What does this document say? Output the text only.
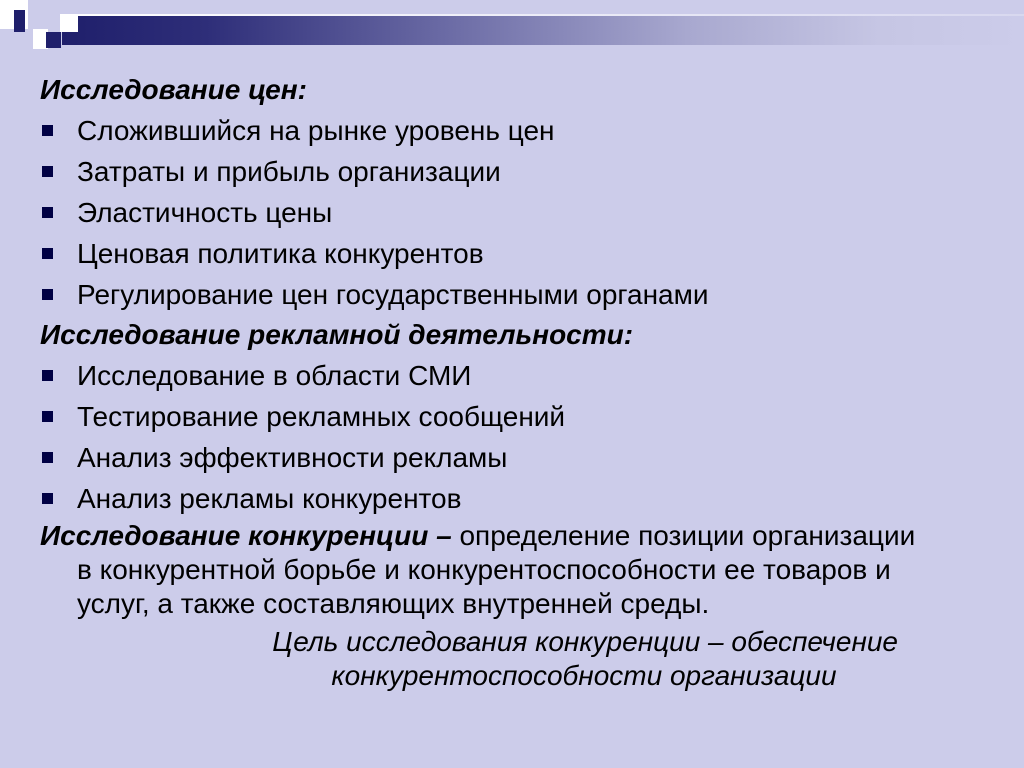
Исследование цен:
Сложившийся на рынке уровень цен
Затраты и прибыль организации
Эластичность цены
Ценовая политика конкурентов
Регулирование цен государственными органами
Исследование рекламной деятельности:
Исследование в области СМИ
Тестирование рекламных сообщений
Анализ эффективности рекламы
Анализ рекламы конкурентов

Исследование конкуренции – определение позиции организации в конкурентной борьбе и конкурентоспособности ее товаров и услуг, а также составляющих внутренней среды.

Цель исследования конкуренции – обеспечение
конкурентоспособности организации
